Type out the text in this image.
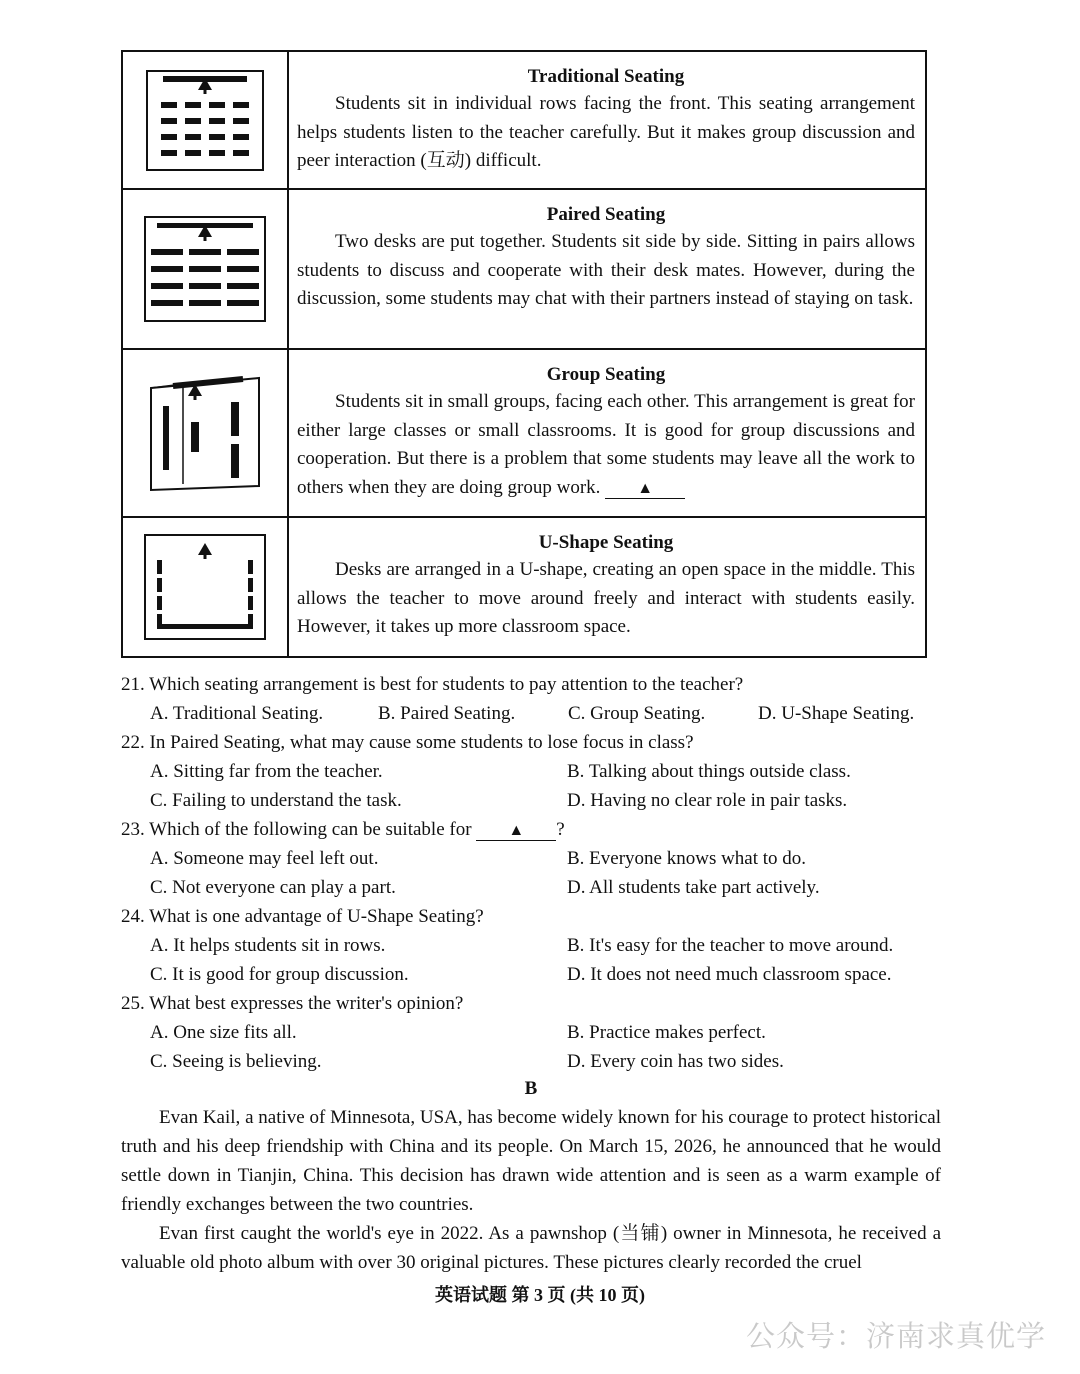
Traditional Seating
Students sit in individual rows facing the front. This seating arrangement helps students listen to the teacher carefully. But it makes group discussion and peer interaction (互动) difficult.
Paired Seating
Two desks are put together. Students sit side by side. Sitting in pairs allows students to discuss and cooperate with their desk mates. However, during the discussion, some students may chat with their partners instead of staying on task.
Group Seating
Students sit in small groups, facing each other. This arrangement is great for either large classes or small classrooms. It is good for group discussions and cooperation. But there is a problem that some students may leave all the work to others when they are doing group work. ▲
U-Shape Seating
Desks are arranged in a U-shape, creating an open space in the middle. This allows the teacher to move around freely and interact with students easily. However, it takes up more classroom space.

21. Which seating arrangement is best for students to pay attention to the teacher?

A. Traditional Seating.	B. Paired Seating.	C. Group Seating.	D. U-Shape Seating.

22. In Paired Seating, what may cause some students to lose focus in class?

A. Sitting far from the teacher.	B. Talking about things outside class.
C. Failing to understand the task.	D. Having no clear role in pair tasks.

23. Which of the following can be suitable for ▲ ?

A. Someone may feel left out.	B. Everyone knows what to do.
C. Not everyone can play a part.	D. All students take part actively.

24. What is one advantage of U-Shape Seating?

A. It helps students sit in rows.	B. It's easy for the teacher to move around.
C. It is good for group discussion.	D. It does not need much classroom space.

25. What best expresses the writer's opinion?

A. One size fits all.	B. Practice makes perfect.
C. Seeing is believing.	D. Every coin has two sides.

B

Evan Kail, a native of Minnesota, USA, has become widely known for his courage to protect historical truth and his deep friendship with China and its people. On March 15, 2026, he announced that he would settle down in Tianjin, China. This decision has drawn wide attention and is seen as a warm example of friendly exchanges between the two countries.

Evan first caught the world's eye in 2022. As a pawnshop (当铺) owner in Minnesota, he received a valuable old photo album with over 30 original pictures. These pictures clearly recorded the cruel

英语试题 第 3 页 (共 10 页)
公众号：济南求真优学
